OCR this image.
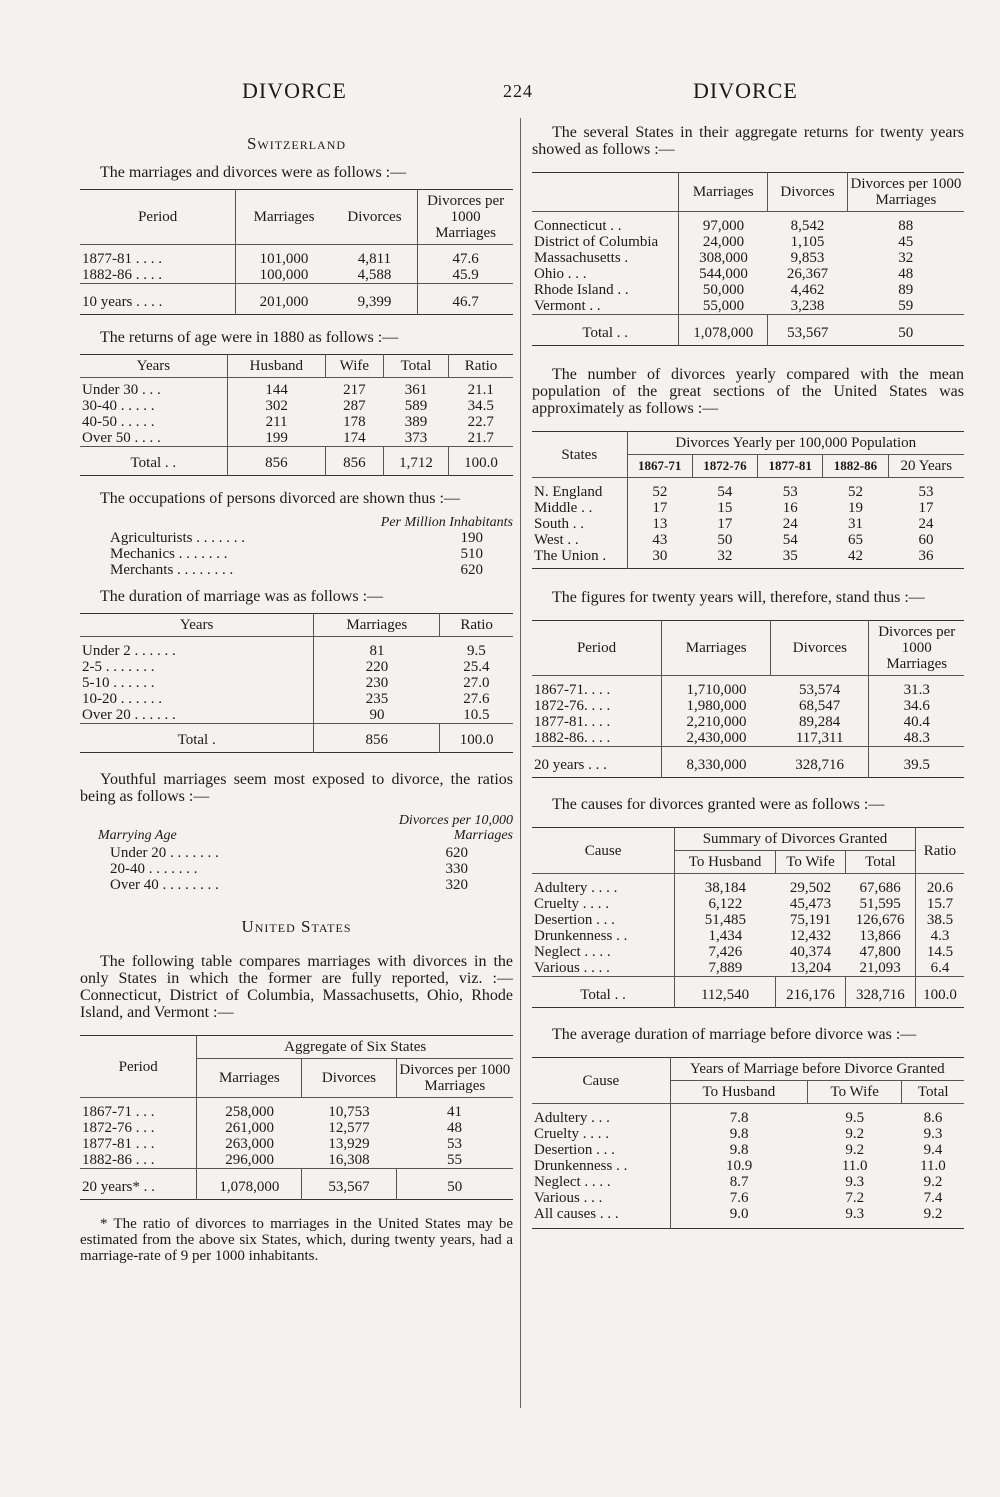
DIVORCE	224	DIVORCE
Switzerland

The marriages and divorces were as follows :—

Period	Marriages	Divorces	Divorces per 1000 Marriages
1877-81 . . . .	101,000	4,811	47.6
1882-86 . . . .	100,000	4,588	45.9
10 years . . . .	201,000	9,399	46.7

The returns of age were in 1880 as follows :—

Years	Husband	Wife	Total	Ratio
Under 30 . . .	144	217	361	21.1
30-40 . . . . .	302	287	589	34.5
40-50 . . . . .	211	178	389	22.7
Over 50 . . . .	199	174	373	21.7
Total . .	856	856	1,712	100.0

The occupations of persons divorced are shown thus :—

Per Million Inhabitants
Agriculturists . . . . . . .	190
Mechanics . . . . . . .	510
Merchants . . . . . . . .	620

The duration of marriage was as follows :—

Years	Marriages	Ratio
Under 2 . . . . . .	81	9.5
2-5 . . . . . . .	220	25.4
5-10 . . . . . .	230	27.0
10-20 . . . . . .	235	27.6
Over 20 . . . . . .	90	10.5
Total .	856	100.0

Youthful marriages seem most exposed to divorce, the ratios being as follows :—

Marrying Age
Divorces per 10,000 Marriages
Under 20 . . . . . . .	620
20-40 . . . . . . .	330
Over 40 . . . . . . . .	320
United States

The following table compares marriages with divorces in the only States in which the former are fully reported, viz. :—Connecticut, District of Columbia, Massachusetts, Ohio, Rhode Island, and Vermont :—

Period	Aggregate of Six States		
	Marriages	Divorces	Divorces per 1000 Marriages
1867-71 . . .	258,000	10,753	41
1872-76 . . .	261,000	12,577	48
1877-81 . . .	263,000	13,929	53
1882-86 . . .	296,000	16,308	55
20 years* . .	1,078,000	53,567	50

* The ratio of divorces to marriages in the United States may be estimated from the above six States, which, during twenty years, had a marriage-rate of 9 per 1000 inhabitants.

The several States in their aggregate returns for twenty years showed as follows :—

	Marriages	Divorces	Divorces per 1000 Marriages
Connecticut . .	97,000	8,542	88
District of Columbia	24,000	1,105	45
Massachusetts .	308,000	9,853	32
Ohio . . .	544,000	26,367	48
Rhode Island . .	50,000	4,462	89
Vermont . .	55,000	3,238	59
Total . .	1,078,000	53,567	50

The number of divorces yearly compared with the mean population of the great sections of the United States was approximately as follows :—

States	Divorces Yearly per 100,000 Population				
	1867-71	1872-76	1877-81	1882-86	20 Years
N. England	52	54	53	52	53
Middle . .	17	15	16	19	17
South . .	13	17	24	31	24
West . .	43	50	54	65	60
The Union .	30	32	35	42	36

The figures for twenty years will, therefore, stand thus :—

Period	Marriages	Divorces	Divorces per 1000 Marriages
1867-71. . . .	1,710,000	53,574	31.3
1872-76. . . .	1,980,000	68,547	34.6
1877-81. . . .	2,210,000	89,284	40.4
1882-86. . . .	2,430,000	117,311	48.3
20 years . . .	8,330,000	328,716	39.5

The causes for divorces granted were as follows :—

Cause	Summary of Divorces Granted			Ratio
	To Husband	To Wife	Total	
Adultery . . . .	38,184	29,502	67,686	20.6
Cruelty . . . .	6,122	45,473	51,595	15.7
Desertion . . .	51,485	75,191	126,676	38.5
Drunkenness . .	1,434	12,432	13,866	4.3
Neglect . . . .	7,426	40,374	47,800	14.5
Various . . . .	7,889	13,204	21,093	6.4
Total . .	112,540	216,176	328,716	100.0

The average duration of marriage before divorce was :—

Cause	Years of Marriage before Divorce Granted		
	To Husband	To Wife	Total
Adultery . . .	7.8	9.5	8.6
Cruelty . . . .	9.8	9.2	9.3
Desertion . . .	9.8	9.2	9.4
Drunkenness . .	10.9	11.0	11.0
Neglect . . . .	8.7	9.3	9.2
Various . . .	7.6	7.2	7.4
All causes . . .	9.0	9.3	9.2
